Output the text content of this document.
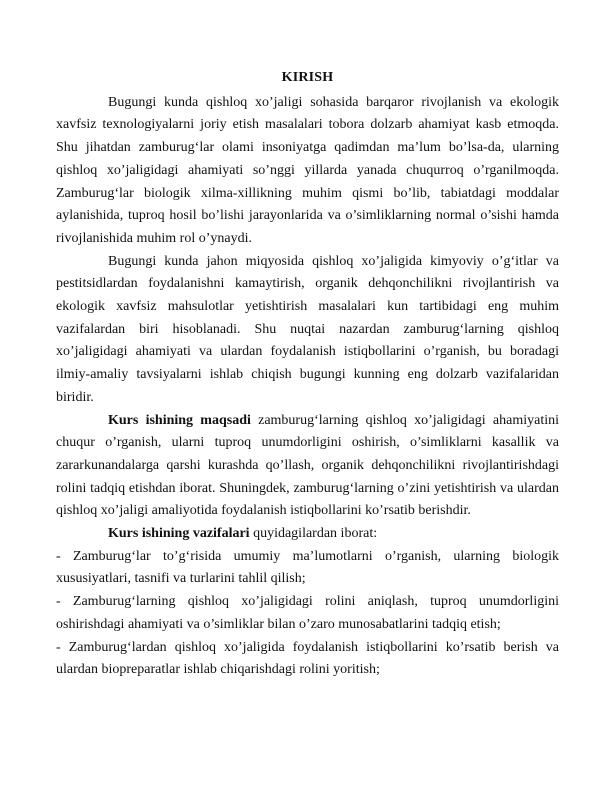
KIRISH

Bugungi kunda qishloq xo’jaligi sohasida barqaror rivojlanish va ekologik xavfsiz texnologiyalarni joriy etish masalalari tobora dolzarb ahamiyat kasb etmoqda. Shu jihatdan zamburug‘lar olami insoniyatga qadimdan ma’lum bo’lsa-da, ularning qishloq xo’jaligidagi ahamiyati so’nggi yillarda yanada chuqurroq o’rganilmoqda. Zamburug‘lar biologik xilma-xillikning muhim qismi bo’lib, tabiatdagi moddalar aylanishida, tuproq hosil bo’lishi jarayonlarida va o’simliklarning normal o’sishi hamda rivojlanishida muhim rol o’ynaydi.

Bugungi kunda jahon miqyosida qishloq xo’jaligida kimyoviy o’g‘itlar va pestitsidlardan foydalanishni kamaytirish, organik dehqonchilikni rivojlantirish va ekologik xavfsiz mahsulotlar yetishtirish masalalari kun tartibidagi eng muhim vazifalardan biri hisoblanadi. Shu nuqtai nazardan zamburug‘larning qishloq xo’jaligidagi ahamiyati va ulardan foydalanish istiqbollarini o’rganish, bu boradagi ilmiy-amaliy tavsiyalarni ishlab chiqish bugungi kunning eng dolzarb vazifalaridan biridir.

Kurs ishining maqsadi zamburug‘larning qishloq xo’jaligidagi ahamiyatini chuqur o’rganish, ularni tuproq unumdorligini oshirish, o’simliklarni kasallik va zararkunandalarga qarshi kurashda qo’llash, organik dehqonchilikni rivojlantirishdagi rolini tadqiq etishdan iborat. Shuningdek, zamburug‘larning o’zini yetishtirish va ulardan qishloq xo’jaligi amaliyotida foydalanish istiqbollarini ko’rsatib berishdir.

Kurs ishining vazifalari quyidagilardan iborat:

- Zamburug‘lar to’g‘risida umumiy ma’lumotlarni o’rganish, ularning biologik xususiyatlari, tasnifi va turlarini tahlil qilish;

- Zamburug‘larning qishloq xo’jaligidagi rolini aniqlash, tuproq unumdorligini oshirishdagi ahamiyati va o’simliklar bilan o’zaro munosabatlarini tadqiq etish;

- Zamburug‘lardan qishloq xo’jaligida foydalanish istiqbollarini ko’rsatib berish va ulardan biopreparatlar ishlab chiqarishdagi rolini yoritish;
